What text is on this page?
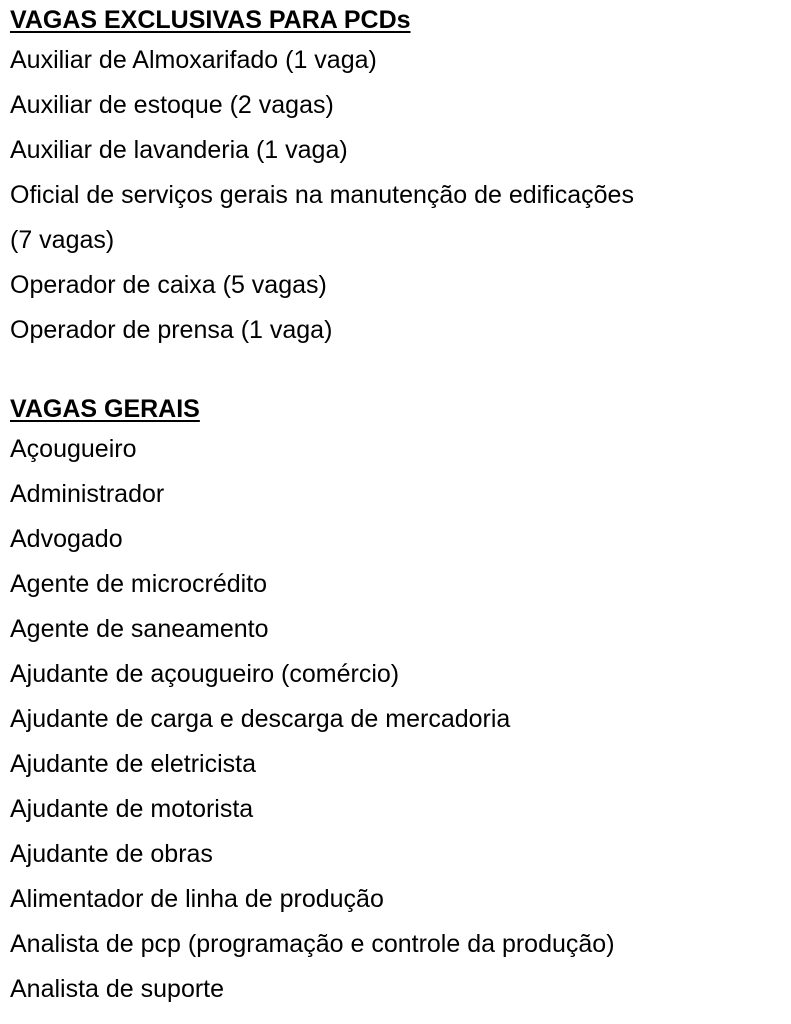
VAGAS EXCLUSIVAS PARA PCDs

Auxiliar de Almoxarifado (1 vaga)

Auxiliar de estoque (2 vagas)

Auxiliar de lavanderia (1 vaga)

Oficial de serviços gerais na manutenção de edificações

(7 vagas)

Operador de caixa (5 vagas)

Operador de prensa (1 vaga)

VAGAS GERAIS

Açougueiro

Administrador

Advogado

Agente de microcrédito

Agente de saneamento

Ajudante de açougueiro (comércio)

Ajudante de carga e descarga de mercadoria

Ajudante de eletricista

Ajudante de motorista

Ajudante de obras

Alimentador de linha de produção

Analista de pcp (programação e controle da produção)

Analista de suporte
